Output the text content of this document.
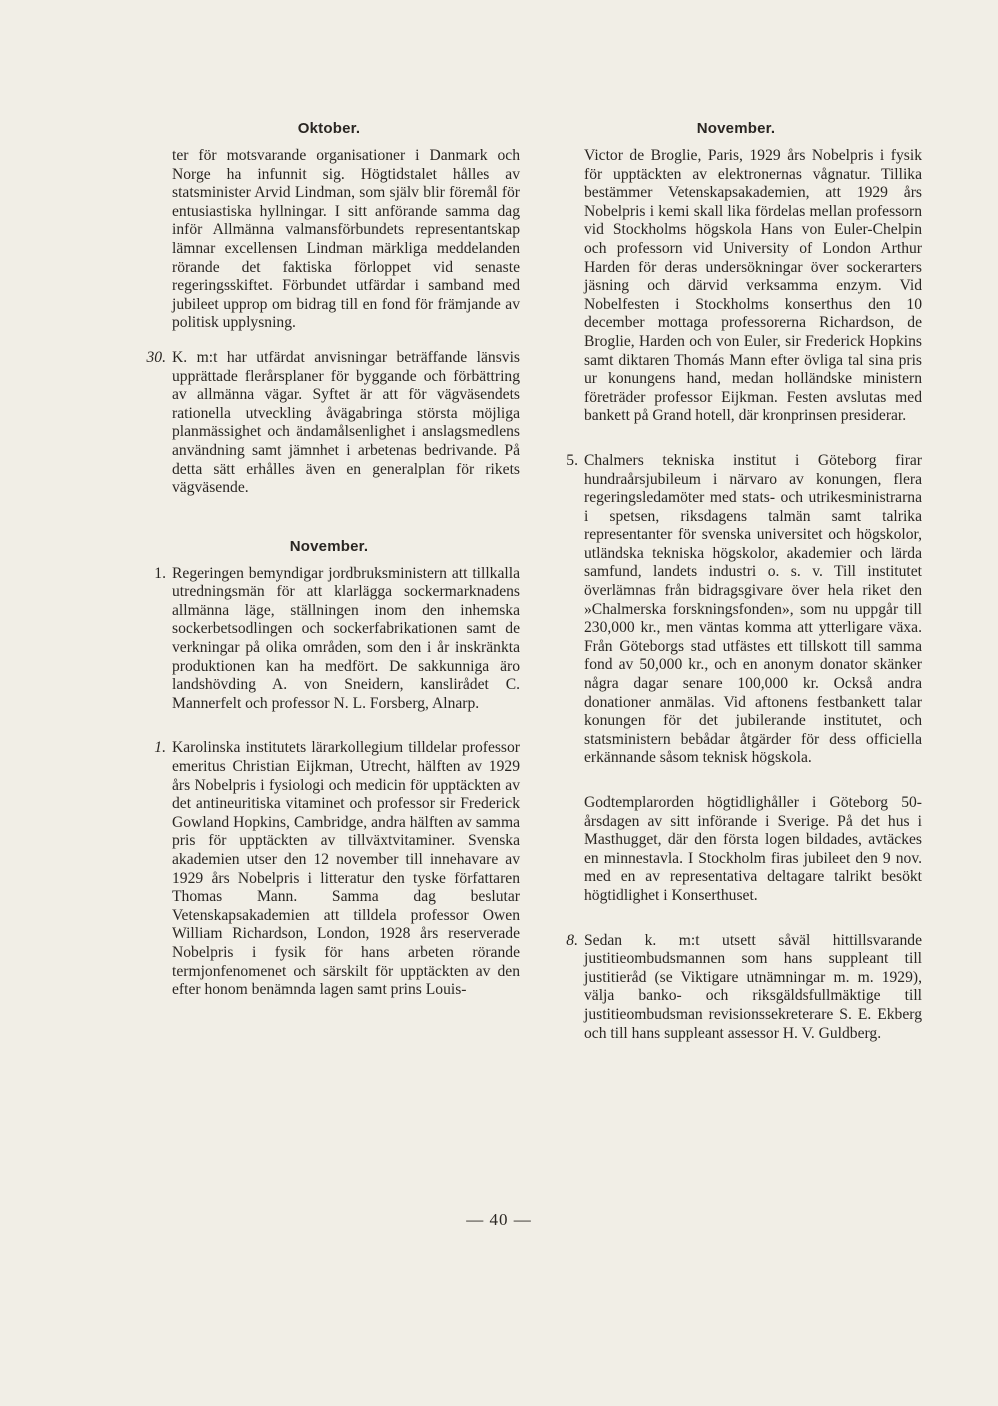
Oktober.
ter för motsvarande organisationer i Danmark och Norge ha infunnit sig. Högtidstalet hålles av statsminister Arvid Lindman, som själv blir föremål för entusiastiska hyllningar. I sitt anförande samma dag inför Allmänna valmansförbundets representantskap lämnar excellensen Lindman märkliga meddelanden rörande det faktiska förloppet vid senaste regeringsskiftet. Förbundet utfärdar i samband med jubileet upprop om bidrag till en fond för främjande av politisk upplysning.
30. K. m:t har utfärdat anvisningar beträffande länsvis upprättade flerårsplaner för byggande och förbättring av allmänna vägar. Syftet är att för vägväsendets rationella utveckling åvägabringa största möjliga planmässighet och ändamålsenlighet i anslagsmedlens användning samt jämnhet i arbetenas bedrivande. På detta sätt erhålles även en generalplan för rikets vägväsende.
November.
1. Regeringen bemyndigar jordbruksministern att tillkalla utredningsmän för att klarlägga sockermarknadens allmänna läge, ställningen inom den inhemska sockerbetsodlingen och sockerfabrikationen samt de verkningar på olika områden, som den i år inskränkta produktionen kan ha medfört. De sakkunniga äro landshövding A. von Sneidern, kanslirådet C. Mannerfelt och professor N. L. Forsberg, Alnarp.
1. Karolinska institutets lärarkollegium tilldelar professor emeritus Christian Eijkman, Utrecht, hälften av 1929 års Nobelpris i fysiologi och medicin för upptäckten av det antineuritiska vitaminet och professor sir Frederick Gowland Hopkins, Cambridge, andra hälften av samma pris för upptäckten av tillväxtvitaminer. Svenska akademien utser den 12 november till innehavare av 1929 års Nobelpris i litteratur den tyske författaren Thomas Mann. Samma dag beslutar Vetenskapsakademien att tilldela professor Owen William Richardson, London, 1928 års reserverade Nobelpris i fysik för hans arbeten rörande termjonfenomenet och särskilt för upptäckten av den efter honom benämnda lagen samt prins Louis-
November.
Victor de Broglie, Paris, 1929 års Nobelpris i fysik för upptäckten av elektronernas vågnatur. Tillika bestämmer Vetenskapsakademien, att 1929 års Nobelpris i kemi skall lika fördelas mellan professorn vid Stockholms högskola Hans von Euler-Chelpin och professorn vid University of London Arthur Harden för deras undersökningar över sockerarters jäsning och därvid verksamma enzym. Vid Nobelfesten i Stockholms konserthus den 10 december mottaga professorerna Richardson, de Broglie, Harden och von Euler, sir Frederick Hopkins samt diktaren Thomás Mann efter övliga tal sina pris ur konungens hand, medan holländske ministern företräder professor Eijkman. Festen avslutas med bankett på Grand hotell, där kronprinsen presiderar.
5. Chalmers tekniska institut i Göteborg firar hundraårsjubileum i närvaro av konungen, flera regeringsledamöter med stats- och utrikesministrarna i spetsen, riksdagens talmän samt talrika representanter för svenska universitet och högskolor, utländska tekniska högskolor, akademier och lärda samfund, landets industri o. s. v. Till institutet överlämnas från bidragsgivare över hela riket den »Chalmerska forskningsfonden», som nu uppgår till 230,000 kr., men väntas komma att ytterligare växa. Från Göteborgs stad utfästes ett tillskott till samma fond av 50,000 kr., och en anonym donator skänker några dagar senare 100,000 kr. Också andra donationer anmälas. Vid aftonens festbankett talar konungen för det jubilerande institutet, och statsministern bebådar åtgärder för dess officiella erkännande såsom teknisk högskola.
Godtemplarorden högtidlighåller i Göteborg 50-årsdagen av sitt införande i Sverige. På det hus i Masthugget, där den första logen bildades, avtäckes en minnestavla. I Stockholm firas jubileet den 9 nov. med en av representativa deltagare talrikt besökt högtidlighet i Konserthuset.
8. Sedan k. m:t utsett såväl hittillsvarande justitieombudsmannen som hans suppleant till justitieråd (se Viktigare utnämningar m. m. 1929), välja banko- och riksgäldsfullmäktige till justitieombudsman revisionssekreterare S. E. Ekberg och till hans suppleant assessor H. V. Guldberg.
— 40 —
